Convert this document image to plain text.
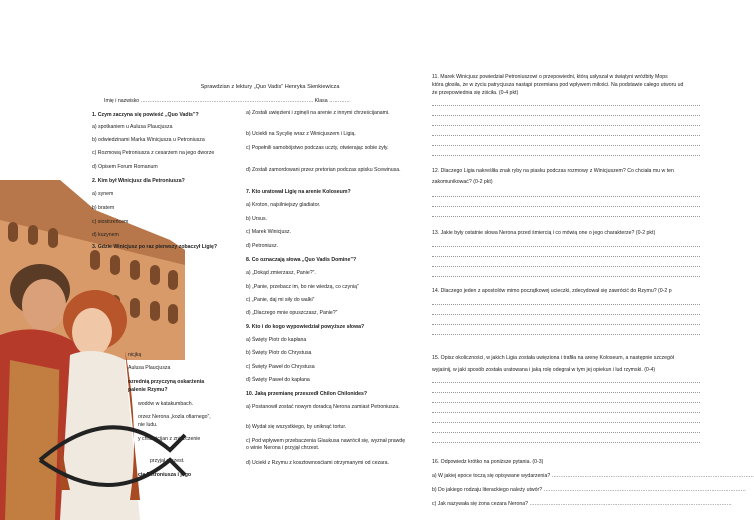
Sprawdzian z lektury „Quo Vadis” Henryka Sienkiewicza
Imię i nazwisko ………………………………………………………………………………………. Klasa …………
1. Czym zaczyna się powieść „Quo Vadis”?
a) spotkaniem u Aulusa Plaucjusza
b) odwiedzinami Marka Winicjusza u Petroniusza
c) Rozmową Petroniusza z cesarzem na jego dworze
d) Opisem Forum Romanum
2. Kim był Winicjusz dla Petroniusza?
a) synem
b) bratem
c) siostrzeńcem
d) kuzynem
3. Gdzie Winicjusz po raz pierwszy zobaczył Ligię?
nicjką
Aulusa Plaucjusza
ozrednią przyczyną oskarżenia
palenie Rzymu?
wodów w katakumbach.
orzez Nerona „kozla ofiarnego”,
nie ludu.
y chrześcijan z zniszczenie
przyjął chrzest.
cie Petroniusza i jego
a) Zostali uwięzieni i zginęli na arenie z innymi chrześcijanami.
b) Uciekli na Sycylię wraz z Winicjuszem i Ligią.
c) Popełnili samobójstwo podczas uczty, otwierając sobie żyły.
d) Zostali zamordowani przez pretorian podczas spisku Scewinusa.
7. Kto uratował Ligię na arenie Koloseum?
a) Kroton, najsilniejszy gladiator.
b) Ursus.
c) Marek Winicjusz.
d) Petroniusz.
8. Co oznaczają słowa „Quo Vadis Domine”?
a) „Dokąd zmierzasz, Panie?”.
b) „Panie, przebacz im, bo nie wiedzą, co czynią”
c) „Panie, daj mi siły do walki”
d) „Dlaczego mnie opuszczasz, Panie?”
9. Kto i do kogo wypowiedział powyższe słowa?
a) Święty Piotr do kapłana
b) Święty Piotr do Chrystusa
c) Święty Paweł do Chrystusa
d) Święty Paweł do kapłana
10. Jaką przemianę przeszedł Chilon Chilonides?
a) Postanowił zostać nowym doradcą Nerona zamiast Petroniusza.
b) Wydał się wszystkiego, by uniknąć tortur.
c) Pod wpływem przebaczenia Glaukusa nawrócił się, wyznał prawdę o winie Nerona i przyjął chrzest.
d) Uciekł z Rzymu z kosztownosćiami otrzymanymi od cezara.
11. Marek Winicjusz powiedział Petroniuszowi o przepowiedni, którą usłyszał w świątyni wróżbity Mops
która głosiła, że w życiu patrycjusza nastąpi przemiana pod wpływem miłości. Na podstawie całego utworu ud
że przepowiednia się ziściła. (0-4 pkt)
12. Dlaczego Ligia nakreśliła znak ryby na piasku podczas rozmowy z Winicjuszem? Co chciała mu w ten
zakomunikować? (0-2 pkt)
13. Jakie były ostatnie słowa Nerona przed śmiercią i co mówią one o jego charakterze? (0-2 pkt)
14. Dlaczego jeden z apostolów mimo początkowej ucieczki, zdecydował się zawrócić do Rzymu? (0-2 p
15. Opisz okoliczności, w jakich Ligia została uwięziona i trafiła na arenę Koloseum, a następnie szczegół
wyjaśnij, w jaki sposób została uratowana i jaką rolę odegrał w tym jej opiekun i lud rzymski. (0-4)
16. Odpowiedz krótko na poniższe pytania. (0-3)
a) W jakiej epoce toczą się opisywane wydarzenia? ………………………………………………………………………………………………………
b) Do jakiego rodzaju literackiego należy utwór? ………………………………………………………………………………………………………
c) Jak nazywała się żona cezara Nerona? ………………………………………………………………………………………………………
